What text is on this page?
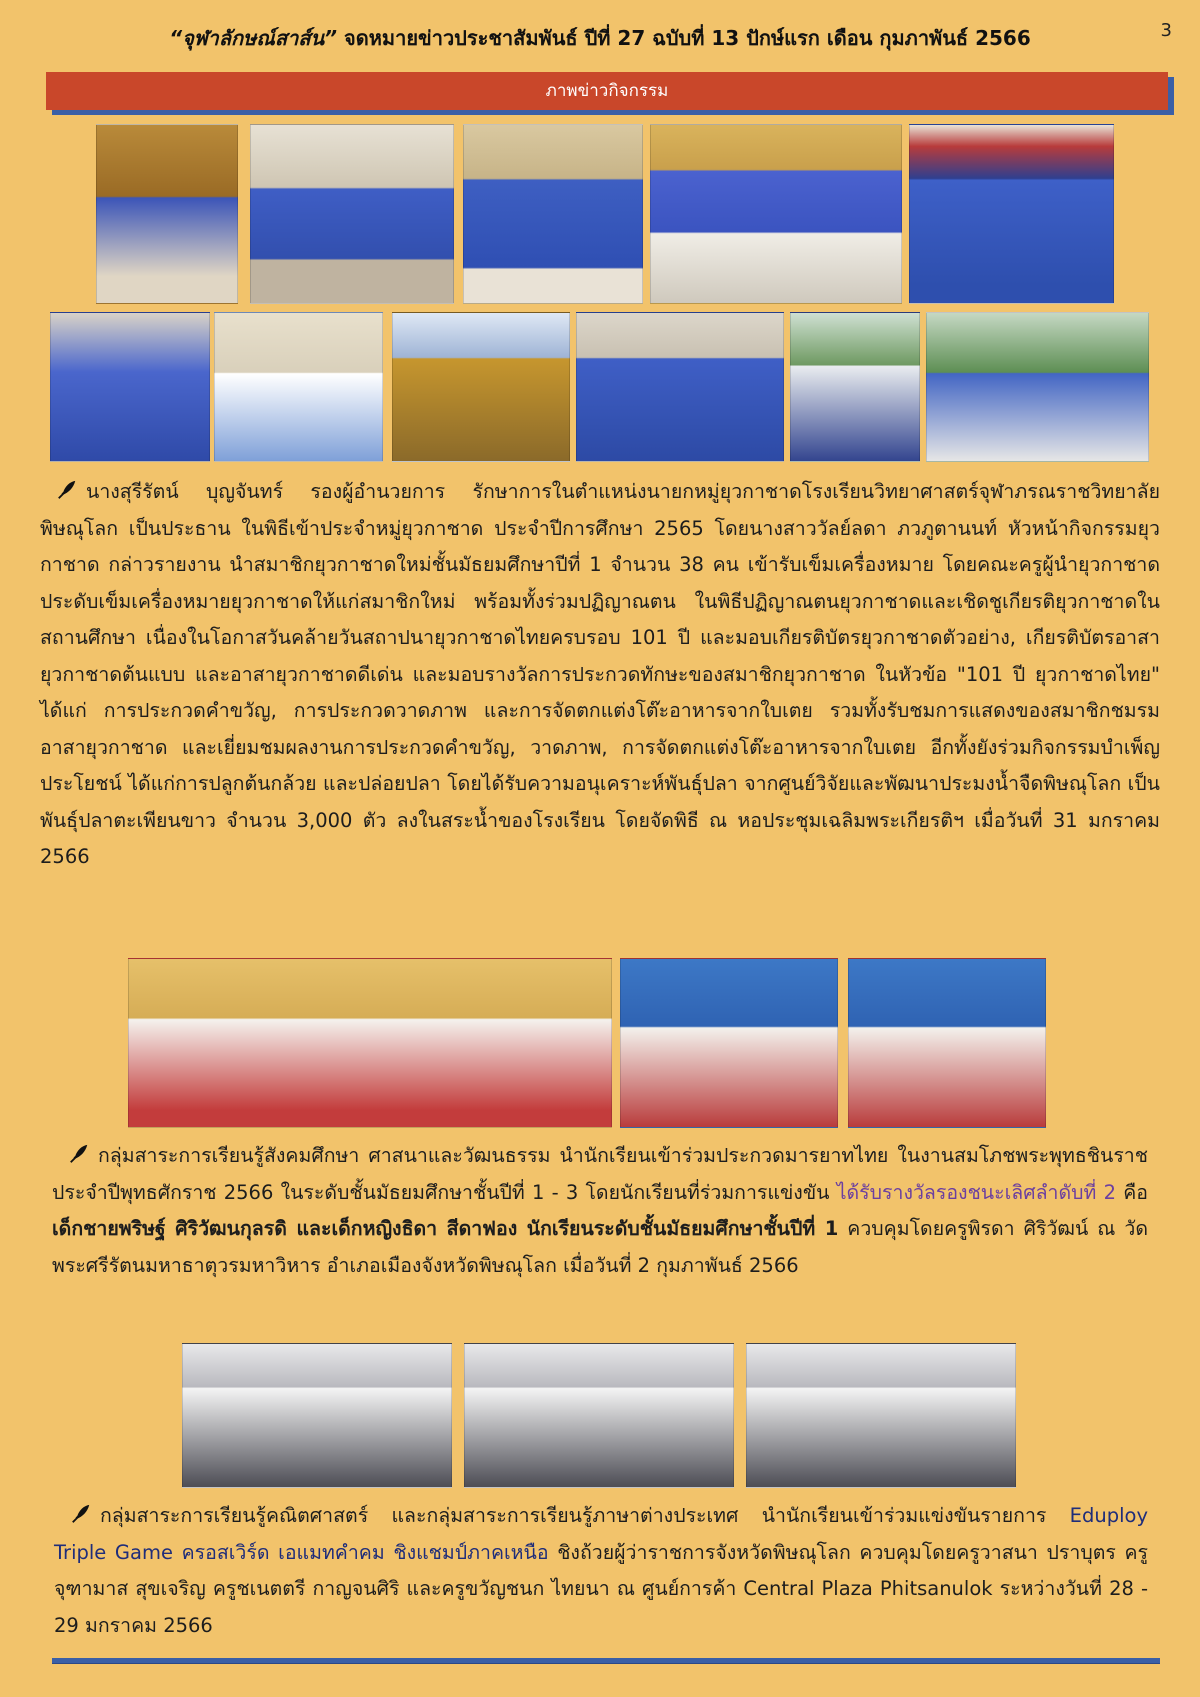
“จุฬาลักษณ์สาส์น” จดหมายข่าวประชาสัมพันธ์ ปีที่ 27 ฉบับที่ 13 ปักษ์แรก เดือน กุมภาพันธ์ 2566	3
ภาพข่าวกิจกรรม
นางสุรีรัตน์ บุญจันทร์ รองผู้อำนวยการ รักษาการในตำแหน่งนายกหมู่ยุวกาชาดโรงเรียนวิทยาศาสตร์จุฬาภรณราชวิทยาลัย พิษณุโลก เป็นประธาน ในพิธีเข้าประจำหมู่ยุวกาชาด ประจำปีการศึกษา 2565 โดยนางสาววัลย์ลดา ภวภูตานนท์ หัวหน้ากิจกรรมยุวกาชาด กล่าวรายงาน นำสมาชิกยุวกาชาดใหม่ชั้นมัธยมศึกษาปีที่ 1 จำนวน 38 คน เข้ารับเข็มเครื่องหมาย โดยคณะครูผู้นำยุวกาชาด ประดับเข็มเครื่องหมายยุวกาชาดให้แก่สมาชิกใหม่ พร้อมทั้งร่วมปฏิญาณตน ในพิธีปฏิญาณตนยุวกาชาดและเชิดชูเกียรติยุวกาชาดในสถานศึกษา เนื่องในโอกาสวันคล้ายวันสถาปนายุวกาชาดไทยครบรอบ 101 ปี และมอบเกียรติบัตรยุวกาชาดตัวอย่าง, เกียรติบัตรอาสายุวกาชาดต้นแบบ และอาสายุวกาชาดดีเด่น และมอบรางวัลการประกวดทักษะของสมาชิกยุวกาชาด ในหัวข้อ "101 ปี ยุวกาชาดไทย" ได้แก่ การประกวดคำขวัญ, การประกวดวาดภาพ และการจัดตกแต่งโต๊ะอาหารจากใบเตย รวมทั้งรับชมการแสดงของสมาชิกชมรมอาสายุวกาชาด และเยี่ยมชมผลงานการประกวดคำขวัญ, วาดภาพ, การจัดตกแต่งโต๊ะอาหารจากใบเตย อีกทั้งยังร่วมกิจกรรมบำเพ็ญประโยชน์ ได้แก่การปลูกต้นกล้วย และปล่อยปลา โดยได้รับความอนุเคราะห์พันธุ์ปลา จากศูนย์วิจัยและพัฒนาประมงน้ำจืดพิษณุโลก เป็นพันธุ์ปลาตะเพียนขาว จำนวน 3,000 ตัว ลงในสระน้ำของโรงเรียน โดยจัดพิธี ณ หอประชุมเฉลิมพระเกียรติฯ เมื่อวันที่ 31 มกราคม 2566
กลุ่มสาระการเรียนรู้สังคมศึกษา ศาสนาและวัฒนธรรม นำนักเรียนเข้าร่วมประกวดมารยาทไทย ในงานสมโภชพระพุทธชินราช ประจำปีพุทธศักราช 2566 ในระดับชั้นมัธยมศึกษาชั้นปีที่ 1 - 3 โดยนักเรียนที่ร่วมการแข่งขัน ได้รับรางวัลรองชนะเลิศลำดับที่ 2 คือ เด็กชายพริษฐ์ ศิริวัฒนกุลรดิ และเด็กหญิงธิดา สีดาฟอง นักเรียนระดับชั้นมัธยมศึกษาชั้นปีที่ 1 ควบคุมโดยครูพิรดา ศิริวัฒน์ ณ วัดพระศรีรัตนมหาธาตุวรมหาวิหาร อำเภอเมืองจังหวัดพิษณุโลก เมื่อวันที่ 2 กุมภาพันธ์ 2566
กลุ่มสาระการเรียนรู้คณิตศาสตร์ และกลุ่มสาระการเรียนรู้ภาษาต่างประเทศ นำนักเรียนเข้าร่วมแข่งขันรายการ Eduploy Triple Game ครอสเวิร์ด เอแมทคำคม ชิงแชมป์ภาคเหนือ ชิงถ้วยผู้ว่าราชการจังหวัดพิษณุโลก ควบคุมโดยครูวาสนา ปราบุตร ครูจุฑามาส สุขเจริญ ครูชเนตตรี กาญจนศิริ และครูขวัญชนก ไทยนา ณ ศูนย์การค้า Central Plaza Phitsanulok ระหว่างวันที่ 28 - 29 มกราคม 2566
